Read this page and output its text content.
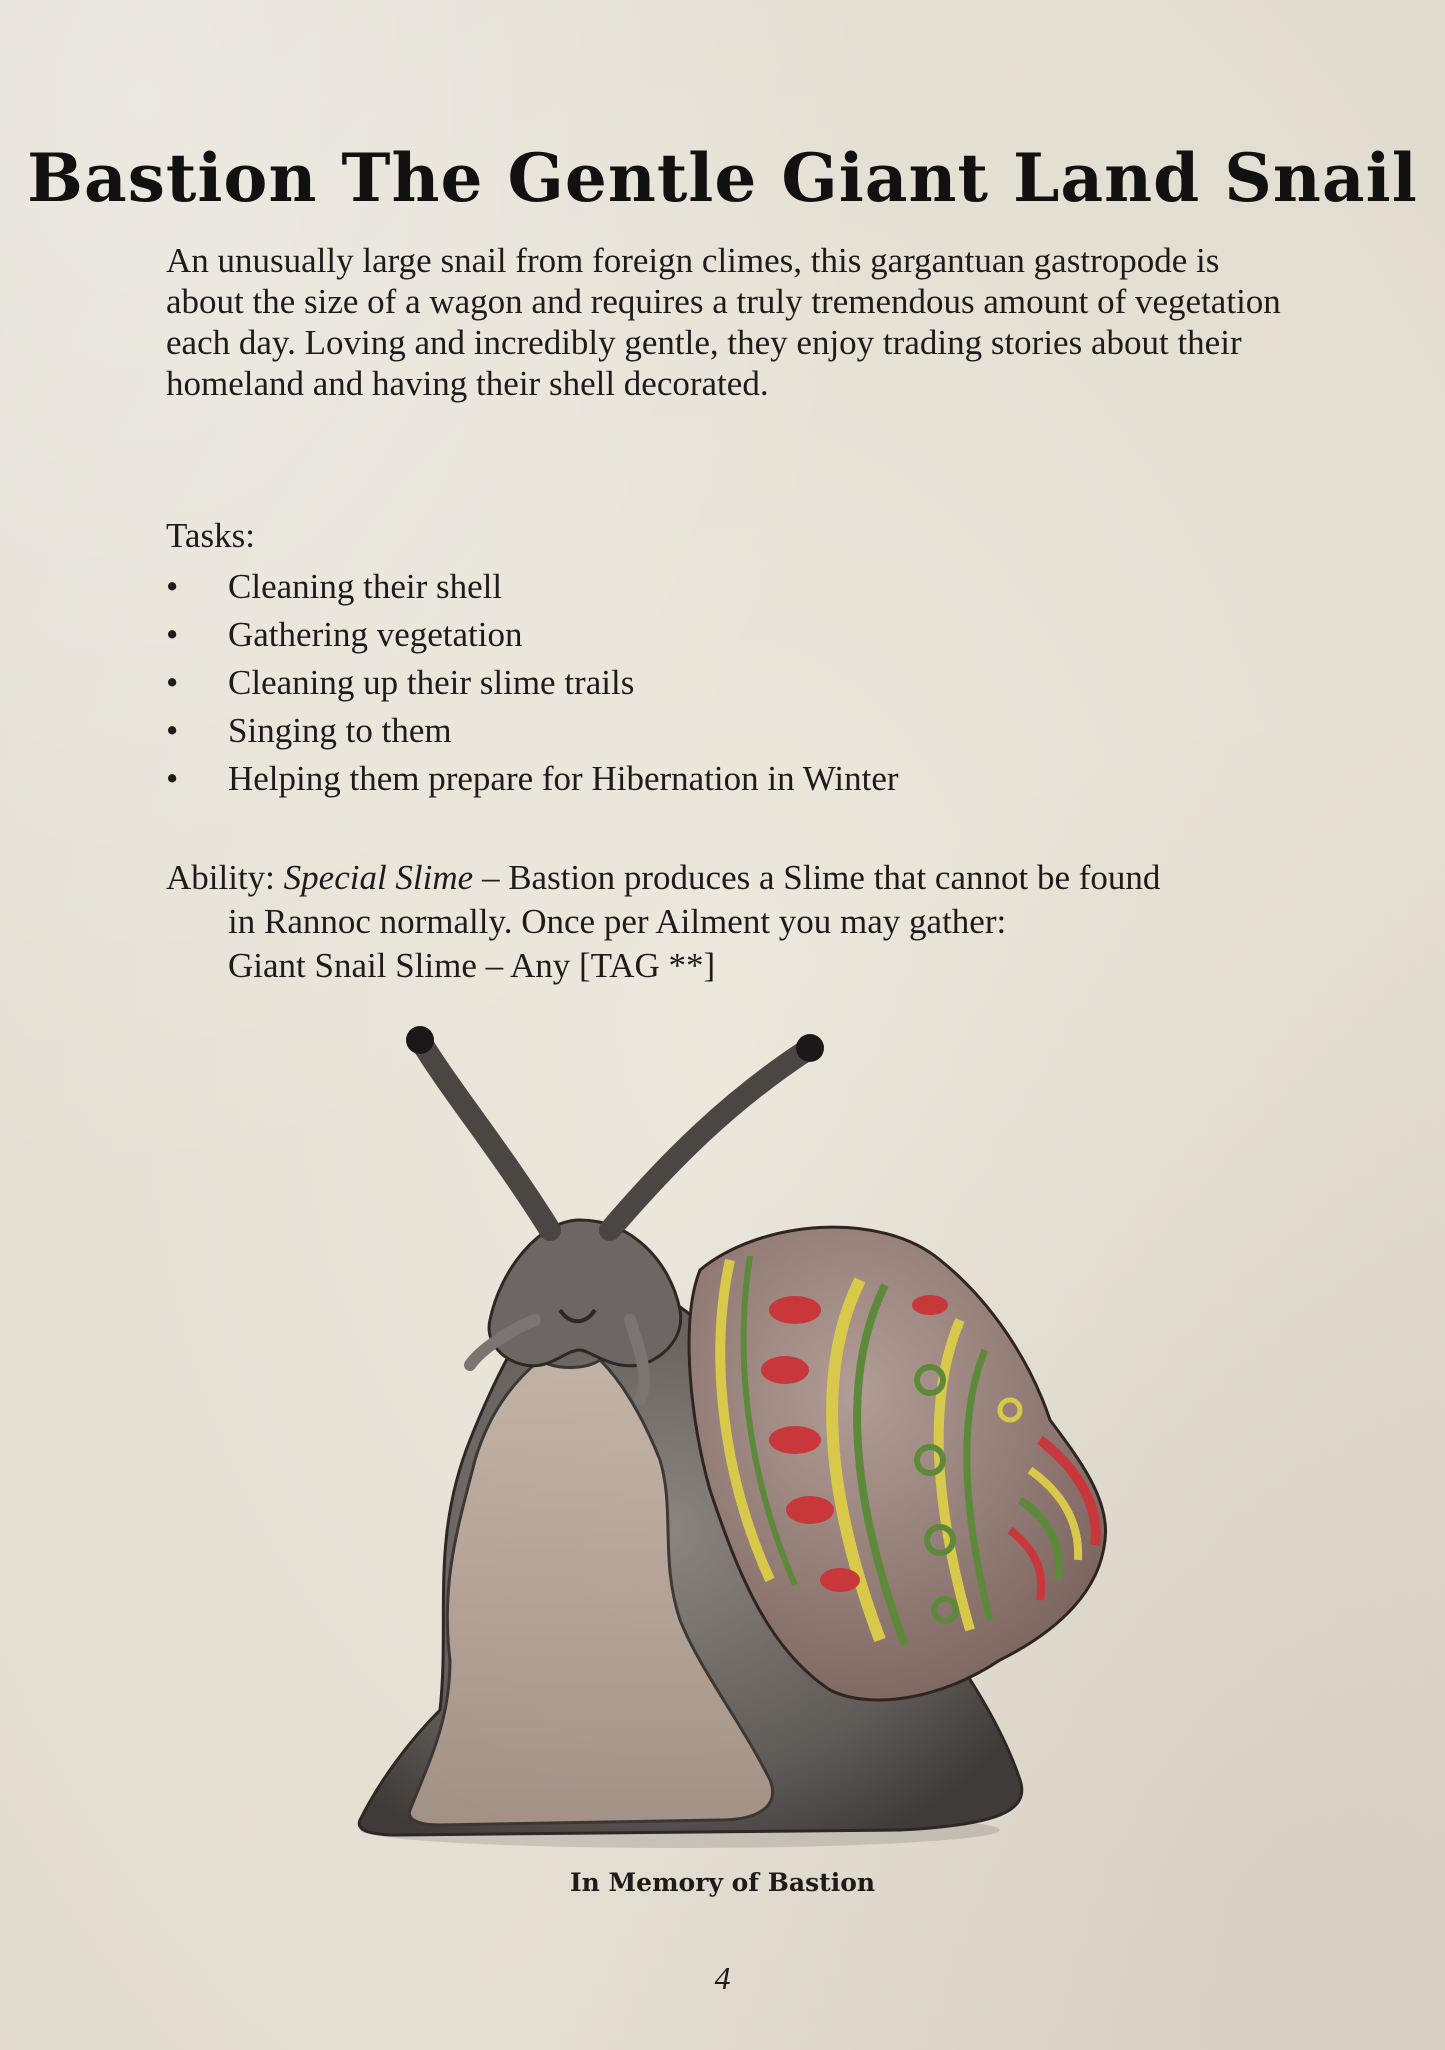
Bastion The Gentle Giant Land Snail

An unusually large snail from foreign climes, this gargantuan gastropode is about the size of a wagon and requires a truly tremendous amount of vegetation each day. Loving and incredibly gentle, they enjoy trading stories about their homeland and having their shell decorated.

Tasks:

• Cleaning their shell
• Gathering vegetation
• Cleaning up their slime trails
• Singing to them
• Helping them prepare for Hibernation in Winter
Ability: Special Slime – Bastion produces a Slime that cannot be found
in Rannoc normally. Once per Ailment you may gather:
Giant Snail Slime – Any [TAG **]
In Memory of Bastion
4
